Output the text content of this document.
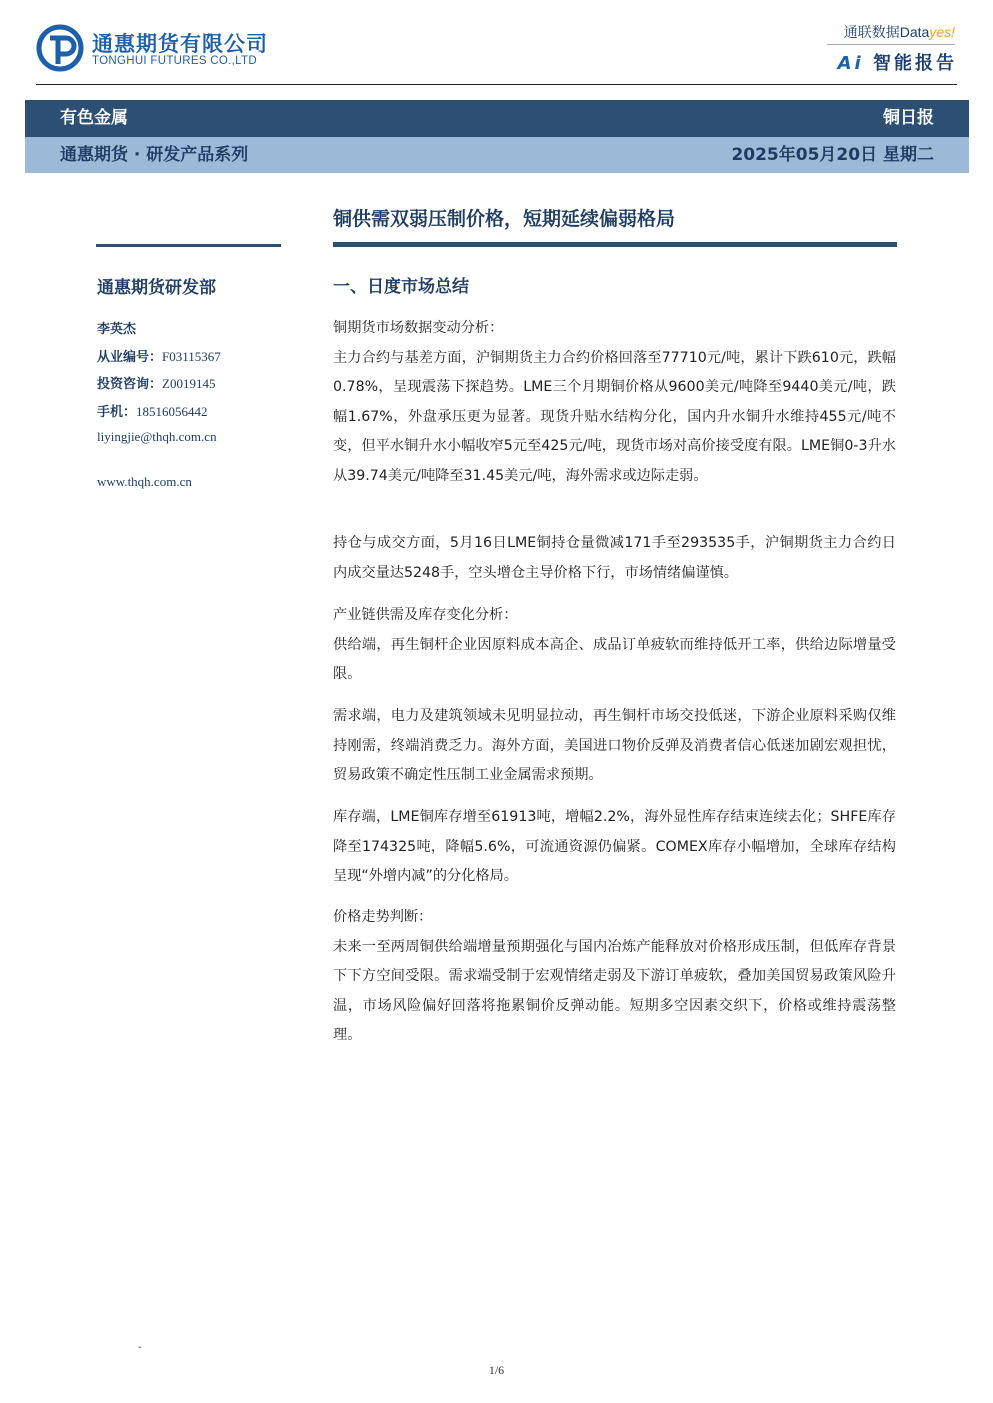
通惠期货有限公司
TONGHUI FUTURES CO.,LTD
通联数据Datayes!
Ai 智能报告
有色金属	铜日报
通惠期货 · 研发产品系列	2025年05月20日 星期二
铜供需双弱压制价格，短期延续偏弱格局
通惠期货研发部
李英杰
从业编号：F03115367
投资咨询：Z0019145
手机：18516056442
liyingjie@thqh.com.cn
www.thqh.com.cn
一、日度市场总结

铜期货市场数据变动分析：

主力合约与基差方面，沪铜期货主力合约价格回落至77710元/吨，累计下跌610元，跌幅0.78%，呈现震荡下探趋势。LME三个月期铜价格从9600美元/吨降至9440美元/吨，跌幅1.67%，外盘承压更为显著。现货升贴水结构分化，国内升水铜升水维持455元/吨不变，但平水铜升水小幅收窄5元至425元/吨，现货市场对高价接受度有限。LME铜0-3升水从39.74美元/吨降至31.45美元/吨，海外需求或边际走弱。

持仓与成交方面，5月16日LME铜持仓量微减171手至293535手，沪铜期货主力合约日内成交量达5248手，空头增仓主导价格下行，市场情绪偏谨慎。

产业链供需及库存变化分析：

供给端，再生铜杆企业因原料成本高企、成品订单疲软而维持低开工率，供给边际增量受限。

需求端，电力及建筑领域未见明显拉动，再生铜杆市场交投低迷，下游企业原料采购仅维持刚需，终端消费乏力。海外方面，美国进口物价反弹及消费者信心低迷加剧宏观担忧，贸易政策不确定性压制工业金属需求预期。

库存端，LME铜库存增至61913吨，增幅2.2%，海外显性库存结束连续去化；SHFE库存降至174325吨，降幅5.6%，可流通资源仍偏紧。COMEX库存小幅增加，全球库存结构呈现“外增内减”的分化格局。

价格走势判断：

未来一至两周铜供给端增量预期强化与国内冶炼产能释放对价格形成压制，但低库存背景下下方空间受限。需求端受制于宏观情绪走弱及下游订单疲软，叠加美国贸易政策风险升温，市场风险偏好回落将拖累铜价反弹动能。短期多空因素交织下，价格或维持震荡整理。

-
1/6
